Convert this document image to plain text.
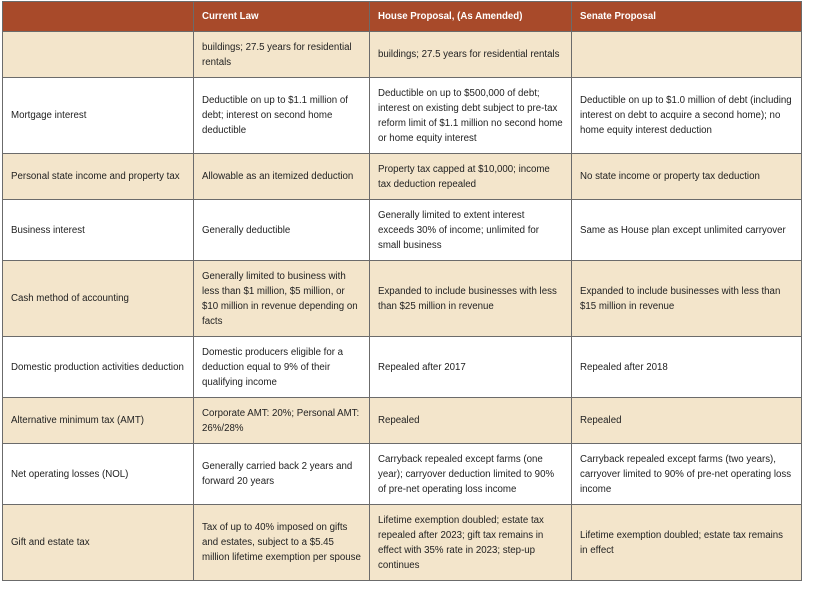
	Current Law	House Proposal, (As Amended)	Senate Proposal
	buildings; 27.5 years for residential rentals	buildings; 27.5 years for residential rentals	
Mortgage interest	Deductible on up to $1.1 million of debt; interest on second home deductible	Deductible on up to $500,000 of debt; interest on existing debt subject to pre-tax reform limit of $1.1 million no second home or home equity interest	Deductible on up to $1.0 million of debt (including interest on debt to acquire a second home); no home equity interest deduction
Personal state income and property tax	Allowable as an itemized deduction	Property tax capped at $10,000; income tax deduction repealed	No state income or property tax deduction
Business interest	Generally deductible	Generally limited to extent interest exceeds 30% of income; unlimited for small business	Same as House plan except unlimited carryover
Cash method of accounting	Generally limited to business with less than $1 million, $5 million, or $10 million in revenue depending on facts	Expanded to include businesses with less than $25 million in revenue	Expanded to include businesses with less than $15 million in revenue
Domestic production activities deduction	Domestic producers eligible for a deduction equal to 9% of their qualifying income	Repealed after 2017	Repealed after 2018
Alternative minimum tax (AMT)	Corporate AMT: 20%; Personal AMT: 26%/28%	Repealed	Repealed
Net operating losses (NOL)	Generally carried back 2 years and forward 20 years	Carryback repealed except farms (one year); carryover deduction limited to 90% of pre-net operating loss income	Carryback repealed except farms (two years), carryover limited to 90% of pre-net operating loss income
Gift and estate tax	Tax of up to 40% imposed on gifts and estates, subject to a $5.45 million lifetime exemption per spouse	Lifetime exemption doubled; estate tax repealed after 2023; gift tax remains in effect with 35% rate in 2023; step-up continues	Lifetime exemption doubled; estate tax remains in effect
